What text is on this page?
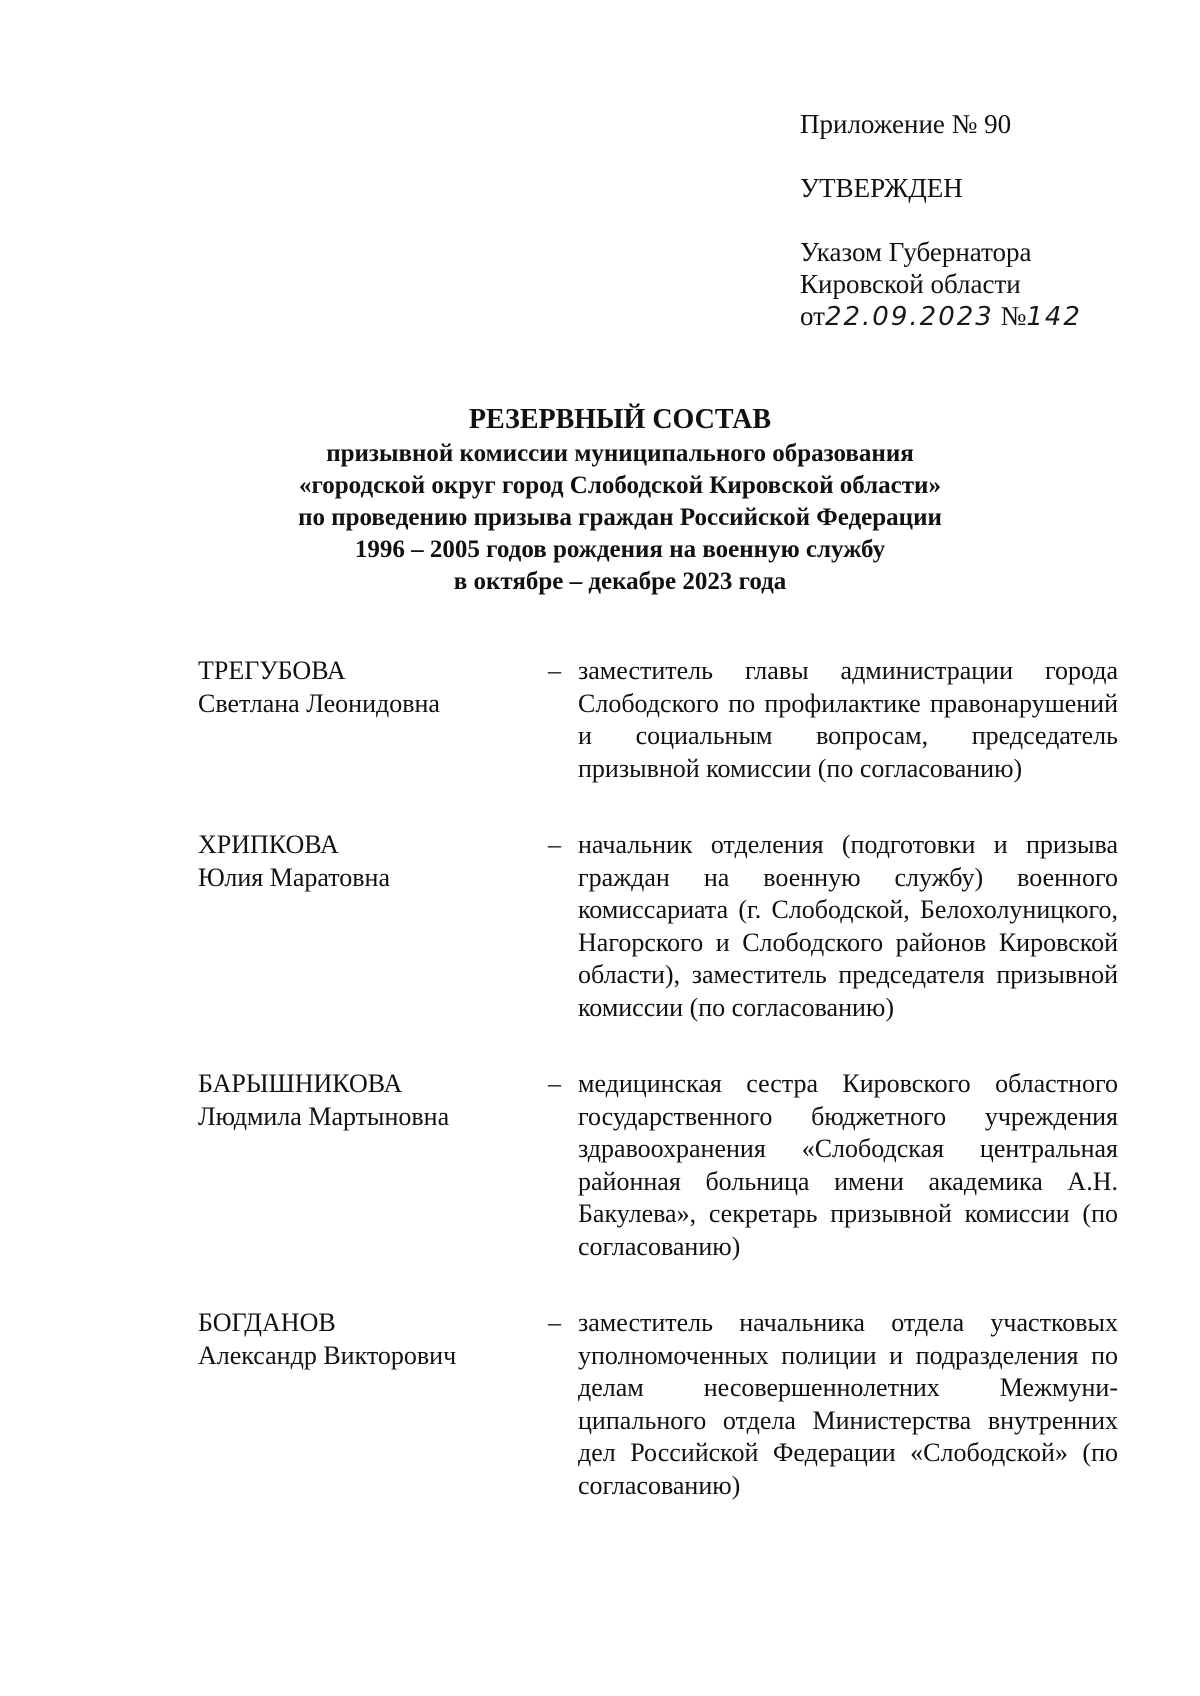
Приложение № 90
УТВЕРЖДЕН
Указом Губернатора
Кировской области
от22.09.2023 №142
РЕЗЕРВНЫЙ СОСТАВ
призывной комиссии муниципального образования
«городской округ город Слободской Кировской области»
по проведению призыва граждан Российской Федерации
1996 – 2005 годов рождения на военную службу
в октябре – декабре 2023 года
ТРЕГУБОВА
Светлана Леонидовна
– заместитель главы администрации города Слободского по профилактике правонарушений и социальным вопросам, председатель призывной комиссии (по согласованию)
ХРИПКОВА
Юлия Маратовна
– начальник отделения (подготовки и призыва граждан на военную службу) военного комиссариата (г. Слободской, Белохолуницкого, Нагорского и Слободского районов Кировской области), заместитель председателя призывной комиссии (по согласованию)
БАРЫШНИКОВА
Людмила Мартыновна
– медицинская сестра Кировского областного государственного бюджетного учреждения здравоохранения «Слободская центральная районная больница имени академика А.Н. Бакулева», секретарь призывной комиссии (по согласованию)
БОГДАНОВ
Александр Викторович
– заместитель начальника отдела участковых уполномоченных полиции и подразделения по делам несовершеннолетних Межмуниципального отдела Министерства внутренних дел Российской Федерации «Слободской» (по согласованию)
